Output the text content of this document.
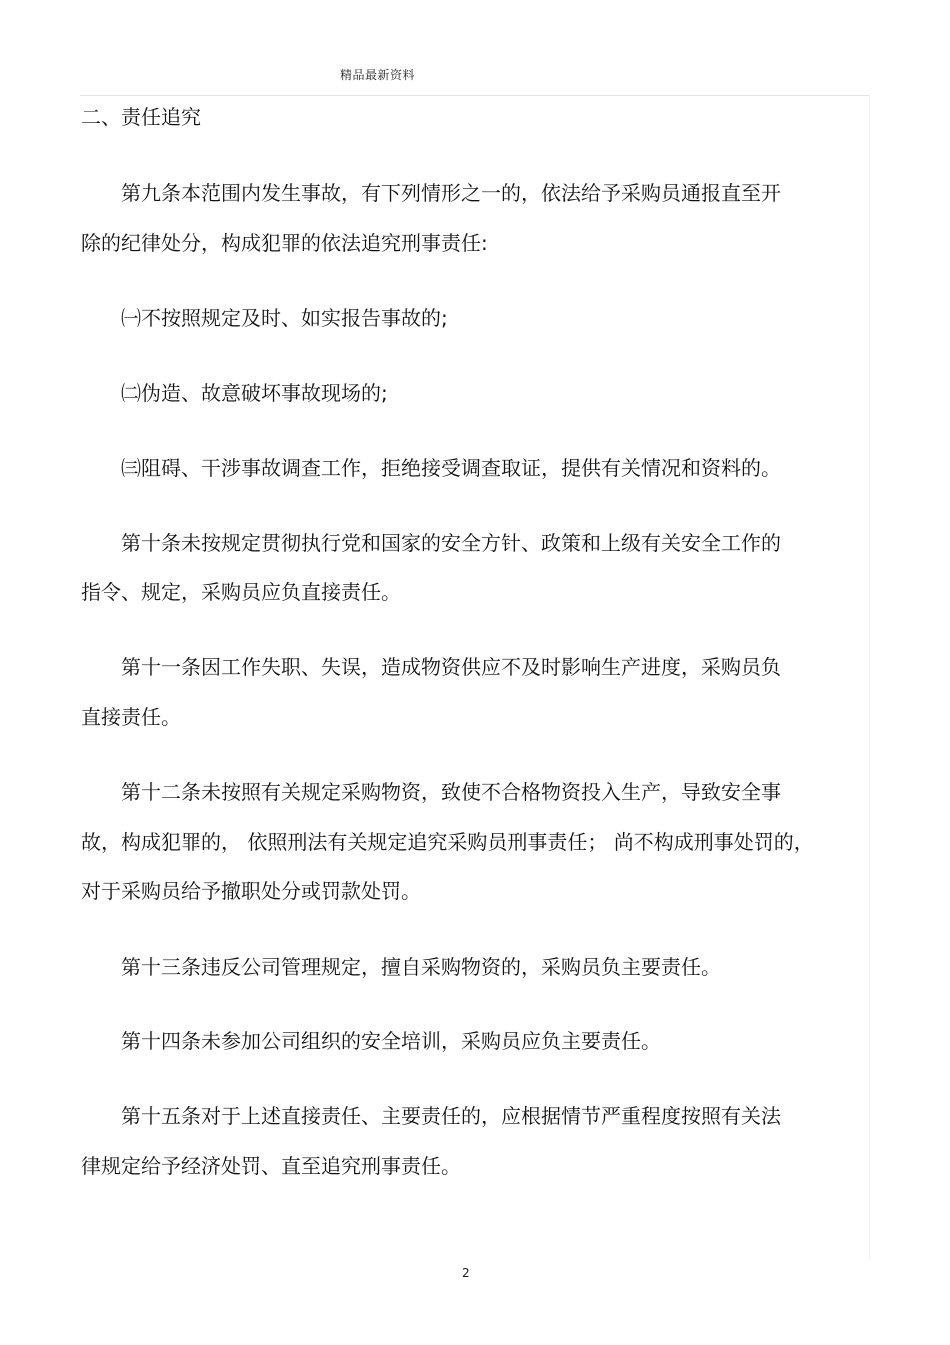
精品最新资料
二、责任追究
第九条本范围内发生事故，有下列情形之一的，依法给予采购员通报直至开
除的纪律处分，构成犯罪的依法追究刑事责任:
㈠不按照规定及时、如实报告事故的;
㈡伪造、故意破坏事故现场的;
㈢阻碍、干涉事故调查工作，拒绝接受调查取证，提供有关情况和资料的。
第十条未按规定贯彻执行党和国家的安全方针、政策和上级有关安全工作的
指令、规定，采购员应负直接责任。
第十一条因工作失职、失误，造成物资供应不及时影响生产进度，采购员负
直接责任。
第十二条未按照有关规定采购物资，致使不合格物资投入生产，导致安全事
故，构成犯罪的， 依照刑法有关规定追究采购员刑事责任； 尚不构成刑事处罚的，
对于采购员给予撤职处分或罚款处罚。
第十三条违反公司管理规定，擅自采购物资的，采购员负主要责任。
第十四条未参加公司组织的安全培训，采购员应负主要责任。
第十五条对于上述直接责任、主要责任的，应根据情节严重程度按照有关法
律规定给予经济处罚、直至追究刑事责任。
2
